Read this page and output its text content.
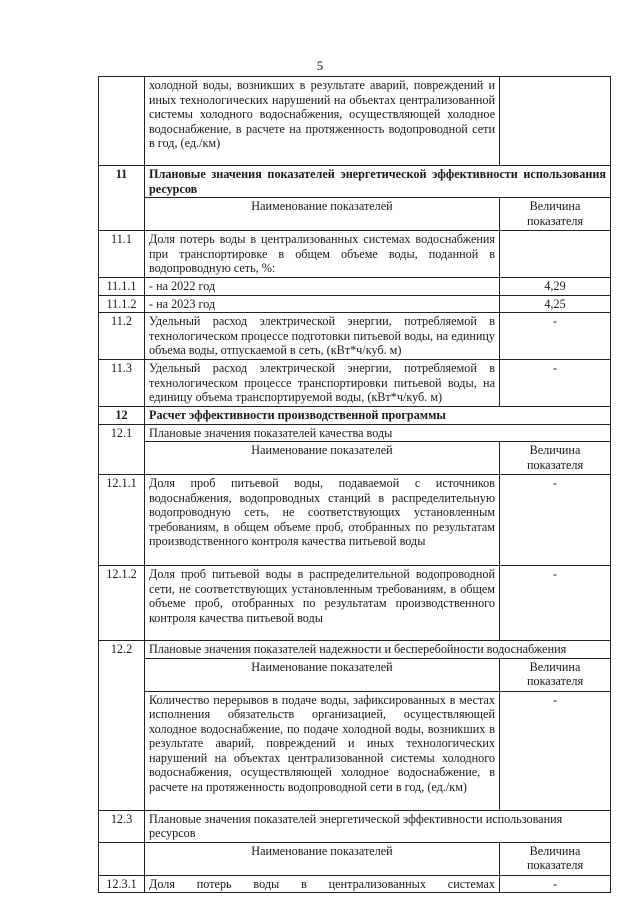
5
	холодной воды, возникших в результате аварий, повреждений и иных технологических нарушений на объектах централизованной системы холодного водоснабжения, осуществляющей холодное водоснабжение, в расчете на протяженность водопроводной сети в год, (ед./км)	
11	Плановые значения показателей энергетической эффективности использования ресурсов	
	Наименование показателей	Величина показателя
11.1	Доля потерь воды в централизованных системах водоснабжения при транспортировке в общем объеме воды, поданной в водопроводную сеть, %:	
11.1.1	- на 2022 год	4,29
11.1.2	- на 2023 год	4,25
11.2	Удельный расход электрической энергии, потребляемой в технологическом процессе подготовки питьевой воды, на единицу объема воды, отпускаемой в сеть, (кВт*ч/куб. м)	-
11.3	Удельный расход электрической энергии, потребляемой в технологическом процессе транспортировки питьевой воды, на единицу объема транспортируемой воды, (кВт*ч/куб. м)	-
12	Расчет эффективности производственной программы	
12.1	Плановые значения показателей качества воды	
	Наименование показателей	Величина показателя
12.1.1	Доля проб питьевой воды, подаваемой с источников водоснабжения, водопроводных станций в распределительную водопроводную сеть, не соответствующих установленным требованиям, в общем объеме проб, отобранных по результатам производственного контроля качества питьевой воды	-
12.1.2	Доля проб питьевой воды в распределительной водопроводной сети, не соответствующих установленным требованиям, в общем объеме проб, отобранных по результатам производственного контроля качества питьевой воды	-
12.2	Плановые значения показателей надежности и бесперебойности водоснабжения	
	Наименование показателей	Величина показателя
	Количество перерывов в подаче воды, зафиксированных в местах исполнения обязательств организацией, осуществляющей холодное водоснабжение, по подаче холодной воды, возникших в результате аварий, повреждений и иных технологических нарушений на объектах централизованной системы холодного водоснабжения, осуществляющей холодное водоснабжение, в расчете на протяженность водопроводной сети в год, (ед./км)	-
12.3	Плановые значения показателей энергетической эффективности использования ресурсов	
	Наименование показателей	Величина показателя
12.3.1	Доля потерь воды в централизованных системах	-
